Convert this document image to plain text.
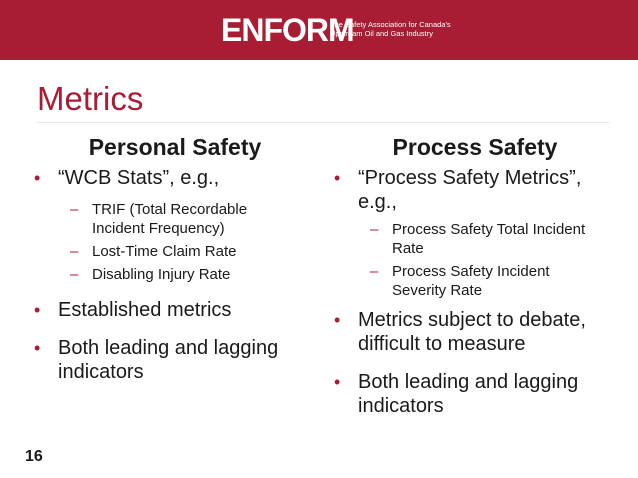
ENFORM
The Safety Association for Canada's
Upstream Oil and Gas Industry
Metrics

Personal Safety

• “WCB Stats”, e.g.,

– TRIF (Total Recordable
Incident Frequency)

– Lost-Time Claim Rate

– Disabling Injury Rate

• Established metrics

• Both leading and lagging
indicators

Process Safety

• “Process Safety Metrics”,
e.g.,

– Process Safety Total Incident
Rate

– Process Safety Incident
Severity Rate

• Metrics subject to debate,
difficult to measure

• Both leading and lagging
indicators

16
